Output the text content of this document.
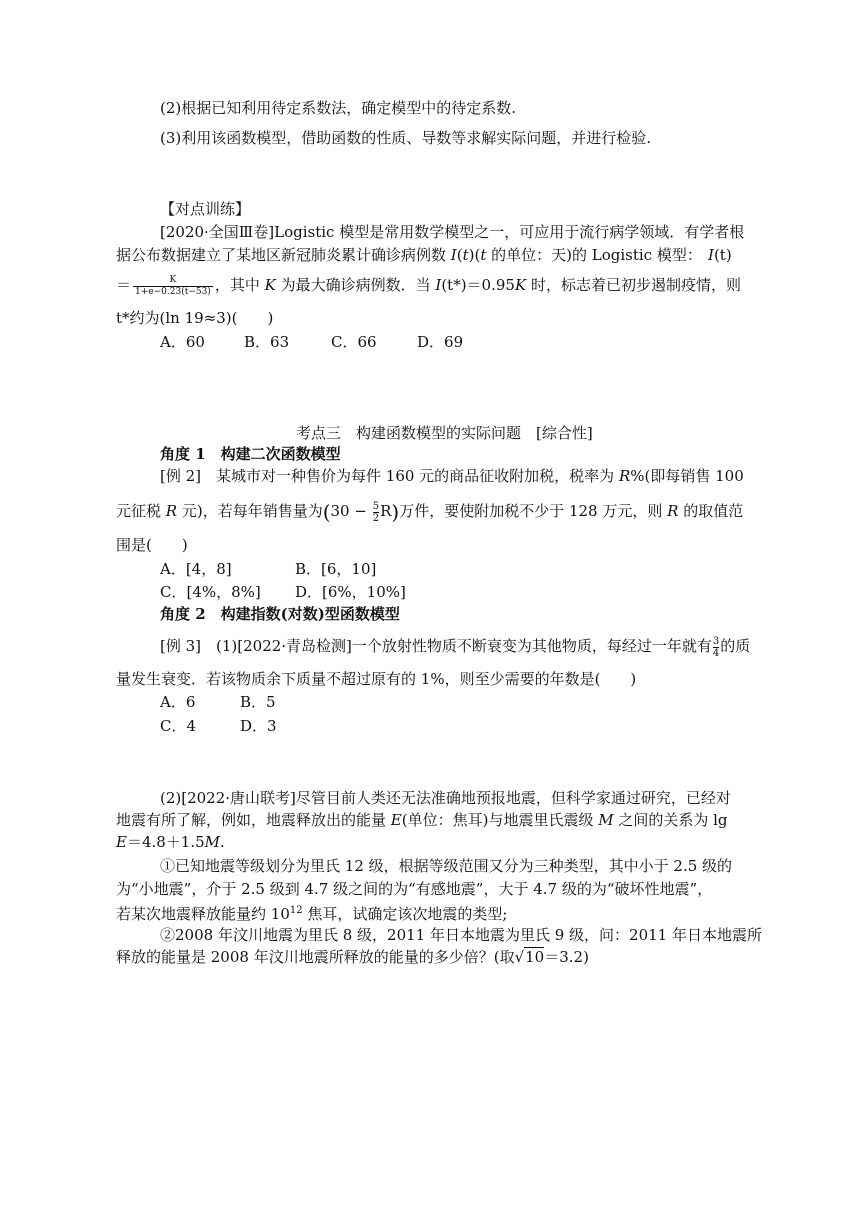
(2)根据已知利用待定系数法，确定模型中的待定系数.
(3)利用该函数模型，借助函数的性质、导数等求解实际问题，并进行检验.
【对点训练】
[2020·全国Ⅲ卷]Logistic 模型是常用数学模型之一，可应用于流行病学领域．有学者根
据公布数据建立了某地区新冠肺炎累计确诊病例数 I(t)(t 的单位：天)的 Logistic 模型： I(t)
＝ $\frac{K}{1+e-0.23(t-53)}$ ，其中 K 为最大确诊病例数．当 I(t*)＝0.95K 时，标志着已初步遏制疫情，则
t*约为(ln 19≈3)(　　)
A．60	B．63	C．66	D．69
考点三　构建函数模型的实际问题　[综合性]
角度 1　构建二次函数模型
[例 2]　某城市对一种售价为每件 160 元的商品征收附加税，税率为 R%(即每销售 100
元征税 R 元)，若每年销售量为$(30 - \frac{5}{2} R)$万件，要使附加税不少于 128 万元，则 R 的取值范
围是(　　)
A．[4，8]	B．[6，10]
C．[4%，8%] D．[6%，10%]
角度 2　构建指数(对数)型函数模型
[例 3]　(1)[2022·青岛检测]一个放射性物质不断衰变为其他物质，每经过一年就有 $\frac{3}{4}$ 的质
量发生衰变．若该物质余下质量不超过原有的 1%，则至少需要的年数是(　　)
A．6	B．5
C．4	D．3
(2)[2022·唐山联考]尽管目前人类还无法准确地预报地震，但科学家通过研究，已经对
地震有所了解，例如，地震释放出的能量 E(单位：焦耳)与地震里氏震级 M 之间的关系为 lg
E＝4.8＋1.5M.
①已知地震等级划分为里氏 12 级，根据等级范围又分为三种类型，其中小于 2.5 级的
为“小地震”，介于 2.5 级到 4.7 级之间的为“有感地震”，大于 4.7 级的为“破坏性地震”，
若某次地震释放能量约 $10^{12}$ 焦耳，试确定该次地震的类型;
②2008 年汶川地震为里氏 8 级，2011 年日本地震为里氏 9 级，问：2011 年日本地震所
释放的能量是 2008 年汶川地震所释放的能量的多少倍？(取√10＝3.2)
